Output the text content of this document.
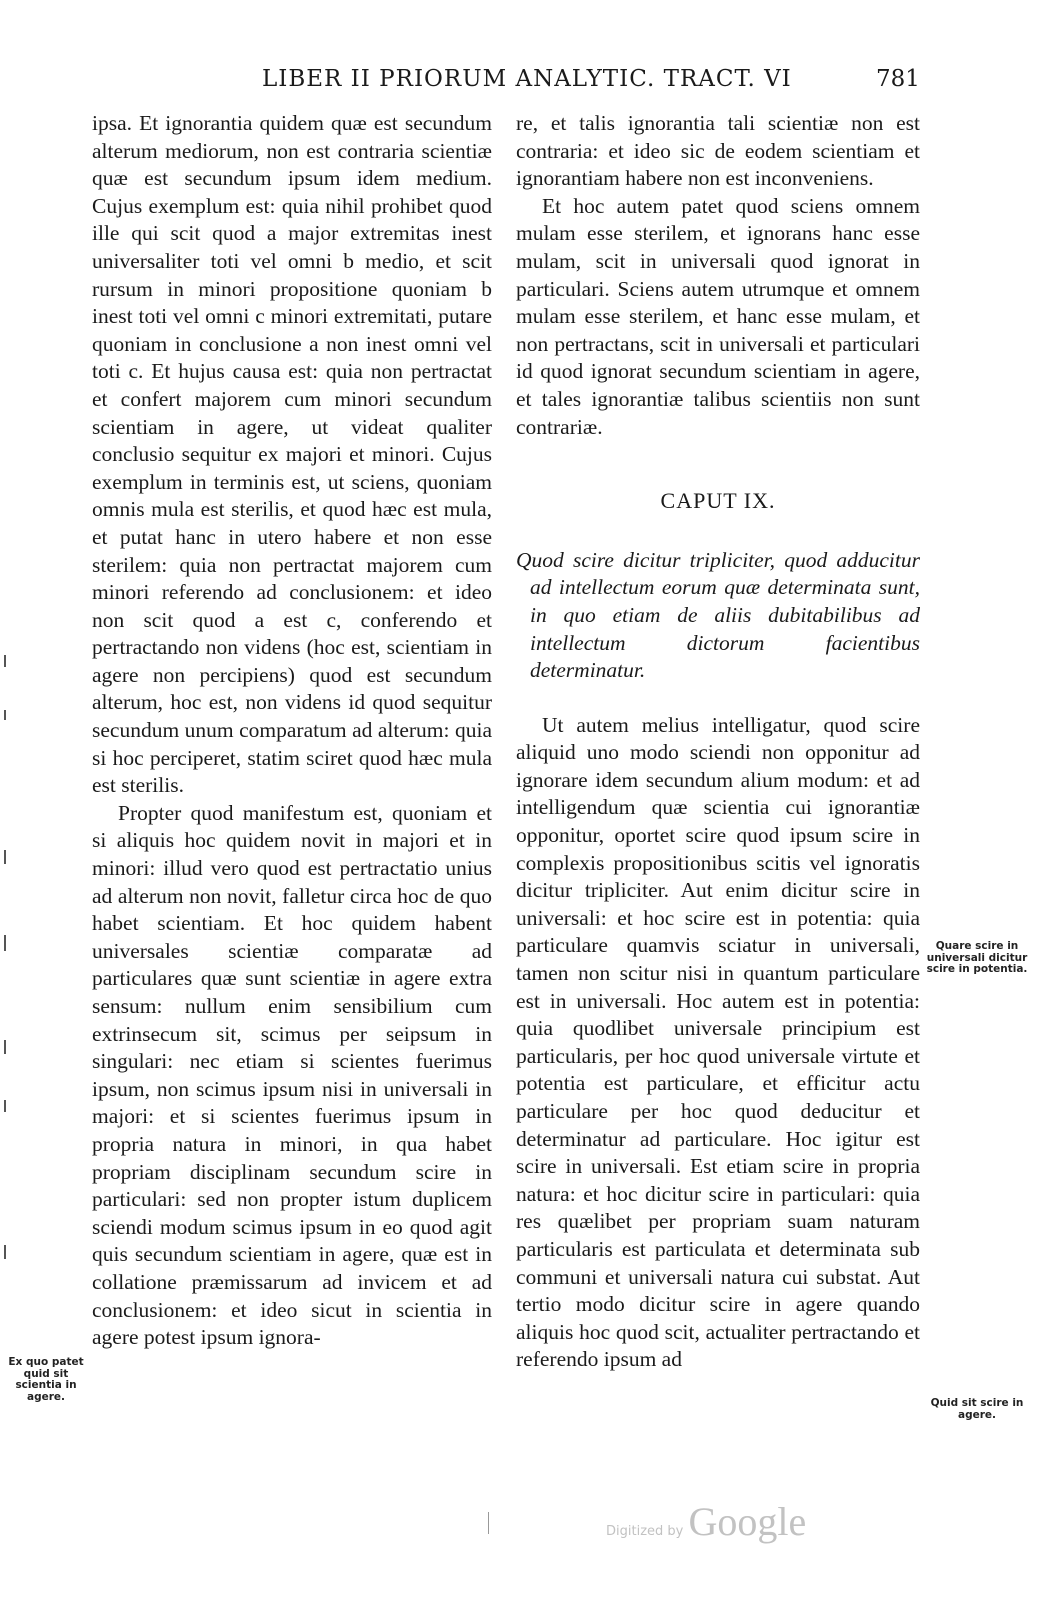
LIBER II PRIORUM ANALYTIC. TRACT. VI	781

ipsa. Et ignorantia quidem quæ est secundum alterum mediorum, non est contraria scientiæ quæ est secundum ipsum idem medium. Cujus exemplum est: quia nihil prohibet quod ille qui scit quod a major extremitas inest universaliter toti vel omni b medio, et scit rursum in minori propositione quoniam b inest toti vel omni c minori extremitati, putare quoniam in conclusione a non inest omni vel toti c. Et hujus causa est: quia non pertractat et confert majorem cum minori secundum scientiam in agere, ut videat qualiter conclusio sequitur ex majori et minori. Cujus exemplum in terminis est, ut sciens, quoniam omnis mula est sterilis, et quod hæc est mula, et putat hanc in utero habere et non esse sterilem: quia non pertractat majorem cum minori referendo ad conclusionem: et ideo non scit quod a est c, conferendo et pertractando non videns (hoc est, scientiam in agere non percipiens) quod est secundum alterum, hoc est, non videns id quod sequitur secundum unum comparatum ad alterum: quia si hoc perciperet, statim sciret quod hæc mula est sterilis.

Propter quod manifestum est, quoniam et si aliquis hoc quidem novit in majori et in minori: illud vero quod est pertractatio unius ad alterum non novit, falletur circa hoc de quo habet scientiam. Et hoc quidem habent universales scientiæ comparatæ ad particulares quæ sunt scientiæ in agere extra sensum: nullum enim sensibilium cum extrinsecum sit, scimus per seipsum in singulari: nec etiam si scientes fuerimus ipsum, non scimus ipsum nisi in universali in majori: et si scientes fuerimus ipsum in propria natura in minori, in qua habet propriam disciplinam secundum scire in particulari: sed non propter istum duplicem sciendi modum scimus ipsum in eo quod agit quis secundum scientiam in agere, quæ est in collatione præmissarum ad invicem et ad conclusionem: et ideo sicut in scientia in agere potest ipsum ignora-

re, et talis ignorantia tali scientiæ non est contraria: et ideo sic de eodem scientiam et ignorantiam habere non est inconveniens.

Et hoc autem patet quod sciens omnem mulam esse sterilem, et ignorans hanc esse mulam, scit in universali quod ignorat in particulari. Sciens autem utrumque et omnem mulam esse sterilem, et hanc esse mulam, et non pertractans, scit in universali et particulari id quod ignorat secundum scientiam in agere, et tales ignorantiæ talibus scientiis non sunt contrariæ.

CAPUT IX.

Quod scire dicitur tripliciter, quod adducitur ad intellectum eorum quæ determinata sunt, in quo etiam de aliis dubitabilibus ad intellectum dictorum facientibus determinatur.

Ut autem melius intelligatur, quod scire aliquid uno modo sciendi non opponitur ad ignorare idem secundum alium modum: et ad intelligendum quæ scientia cui ignorantiæ opponitur, oportet scire quod ipsum scire in complexis propositionibus scitis vel ignoratis dicitur tripliciter. Aut enim dicitur scire in universali: et hoc scire est in potentia: quia particulare quamvis sciatur in universali, tamen non scitur nisi in quantum particulare est in universali. Hoc autem est in potentia: quia quodlibet universale principium est particularis, per hoc quod universale virtute et potentia est particulare, et efficitur actu particulare per hoc quod deducitur et determinatur ad particulare. Hoc igitur est scire in universali. Est etiam scire in propria natura: et hoc dicitur scire in particulari: quia res quælibet per propriam suam naturam particularis est particulata et determinata sub communi et universali natura cui substat. Aut tertio modo dicitur scire in agere quando aliquis hoc quod scit, actualiter pertractando et referendo ipsum ad

Ex quo patet quid sit scientia in agere.
Quare scire in universali dicitur scire in potentia.
Quid sit scire in agere.
Digitized by Google
